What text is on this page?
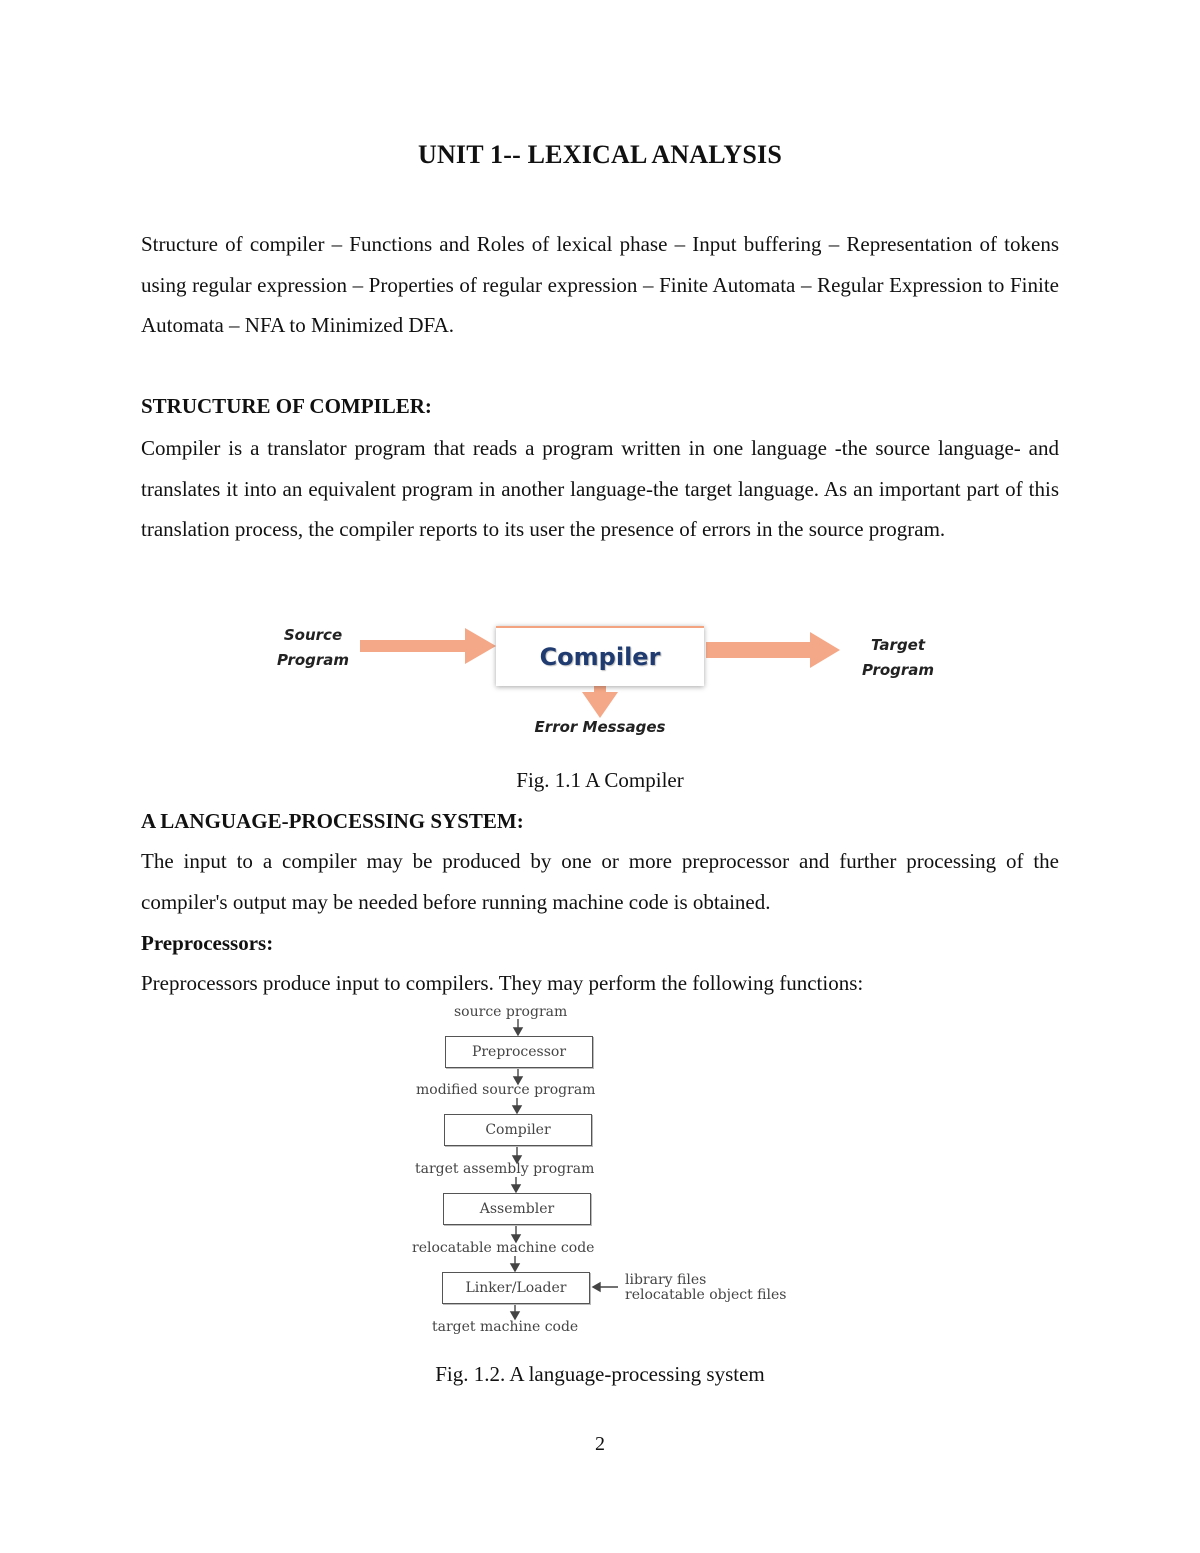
UNIT 1-- LEXICAL ANALYSIS
Structure of compiler – Functions and Roles of lexical phase – Input buffering – Representation of tokens using regular expression – Properties of regular expression – Finite Automata – Regular Expression to Finite Automata – NFA to Minimized DFA.
STRUCTURE OF COMPILER:
Compiler is a translator program that reads a program written in one language -the source language- and translates it into an equivalent program in another language-the target language. As an important part of this translation process, the compiler reports to its user the presence of errors in the source program.
Source
Program	Compiler	Target
Program
Error Messages
Fig. 1.1 A Compiler
A LANGUAGE-PROCESSING SYSTEM:
The input to a compiler may be produced by one or more preprocessor and further processing of the compiler's output may be needed before running machine code is obtained.
Preprocessors:
Preprocessors produce input to compilers. They may perform the following functions:
source program
Preprocessor
modified source program
Compiler
target assembly program
Assembler
relocatable machine code
Linker/Loader	library files
relocatable object files
target machine code
Fig. 1.2. A language-processing system
2
